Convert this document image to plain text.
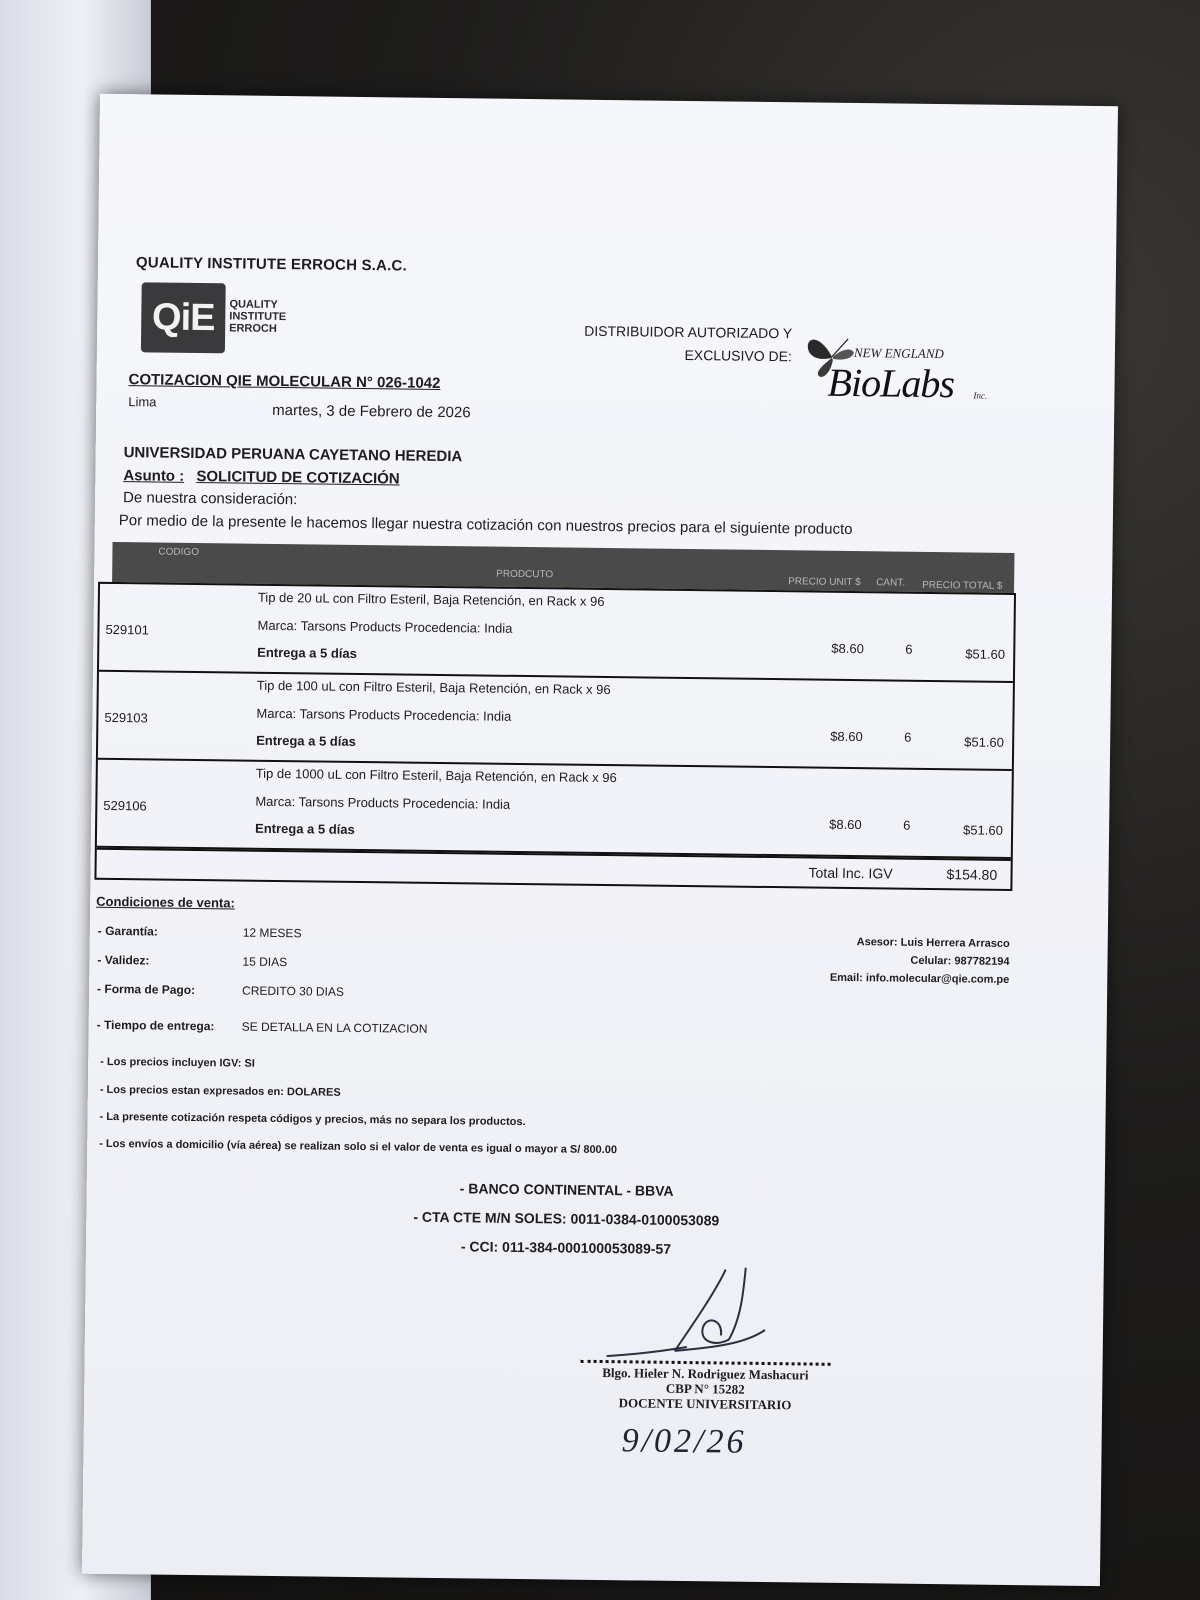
QUALITY INSTITUTE ERROCH S.A.C.
QiE	QUALITY
INSTITUTE
ERROCH	DISTRIBUIDOR AUTORIZADO Y
EXCLUSIVO DE:	NEW ENGLAND
BioLabs Inc.
COTIZACION QIE MOLECULAR N° 026-1042
Lima
martes, 3 de Febrero de 2026
UNIVERSIDAD PERUANA CAYETANO HEREDIA
Asunto : SOLICITUD DE COTIZACIÓN
De nuestra consideración:
Por medio de la presente le hacemos llegar nuestra cotización con nuestros precios para el siguiente producto
CODIGO
PRODCUTO
PRECIO UNIT $ CANT. PRECIO TOTAL $
529101
Tip de 20 uL con Filtro Esteril, Baja Retención, en Rack x 96
Marca: Tarsons Products Procedencia: India
Entrega a 5 días	$8.60	6	$51.60
529103
Tip de 100 uL con Filtro Esteril, Baja Retención, en Rack x 96
Marca: Tarsons Products Procedencia: India
Entrega a 5 días	$8.60	6	$51.60
529106
Tip de 1000 uL con Filtro Esteril, Baja Retención, en Rack x 96
Marca: Tarsons Products Procedencia: India
Entrega a 5 días	$8.60	6	$51.60
Total Inc. IGV	$154.80
Condiciones de venta:
- Garantía:	12 MESES
- Validez:	15 DIAS
- Forma de Pago:	CREDITO 30 DIAS
- Tiempo de entrega: SE DETALLA EN LA COTIZACION
Asesor: Luis Herrera Arrasco
Celular: 987782194
Email: info.molecular@qie.com.pe
- Los precios incluyen IGV: SI
- Los precios estan expresados en: DOLARES
- La presente cotización respeta códigos y precios, más no separa los productos.
- Los envíos a domicilio (vía aérea) se realizan solo si el valor de venta es igual o mayor a S/ 800.00
- BANCO CONTINENTAL - BBVA
- CTA CTE M/N SOLES: 0011-0384-0100053089
- CCI: 011-384-000100053089-57
Blgo. Hieler N. Rodriguez Mashacuri
CBP N° 15282
DOCENTE UNIVERSITARIO
9/02/26
